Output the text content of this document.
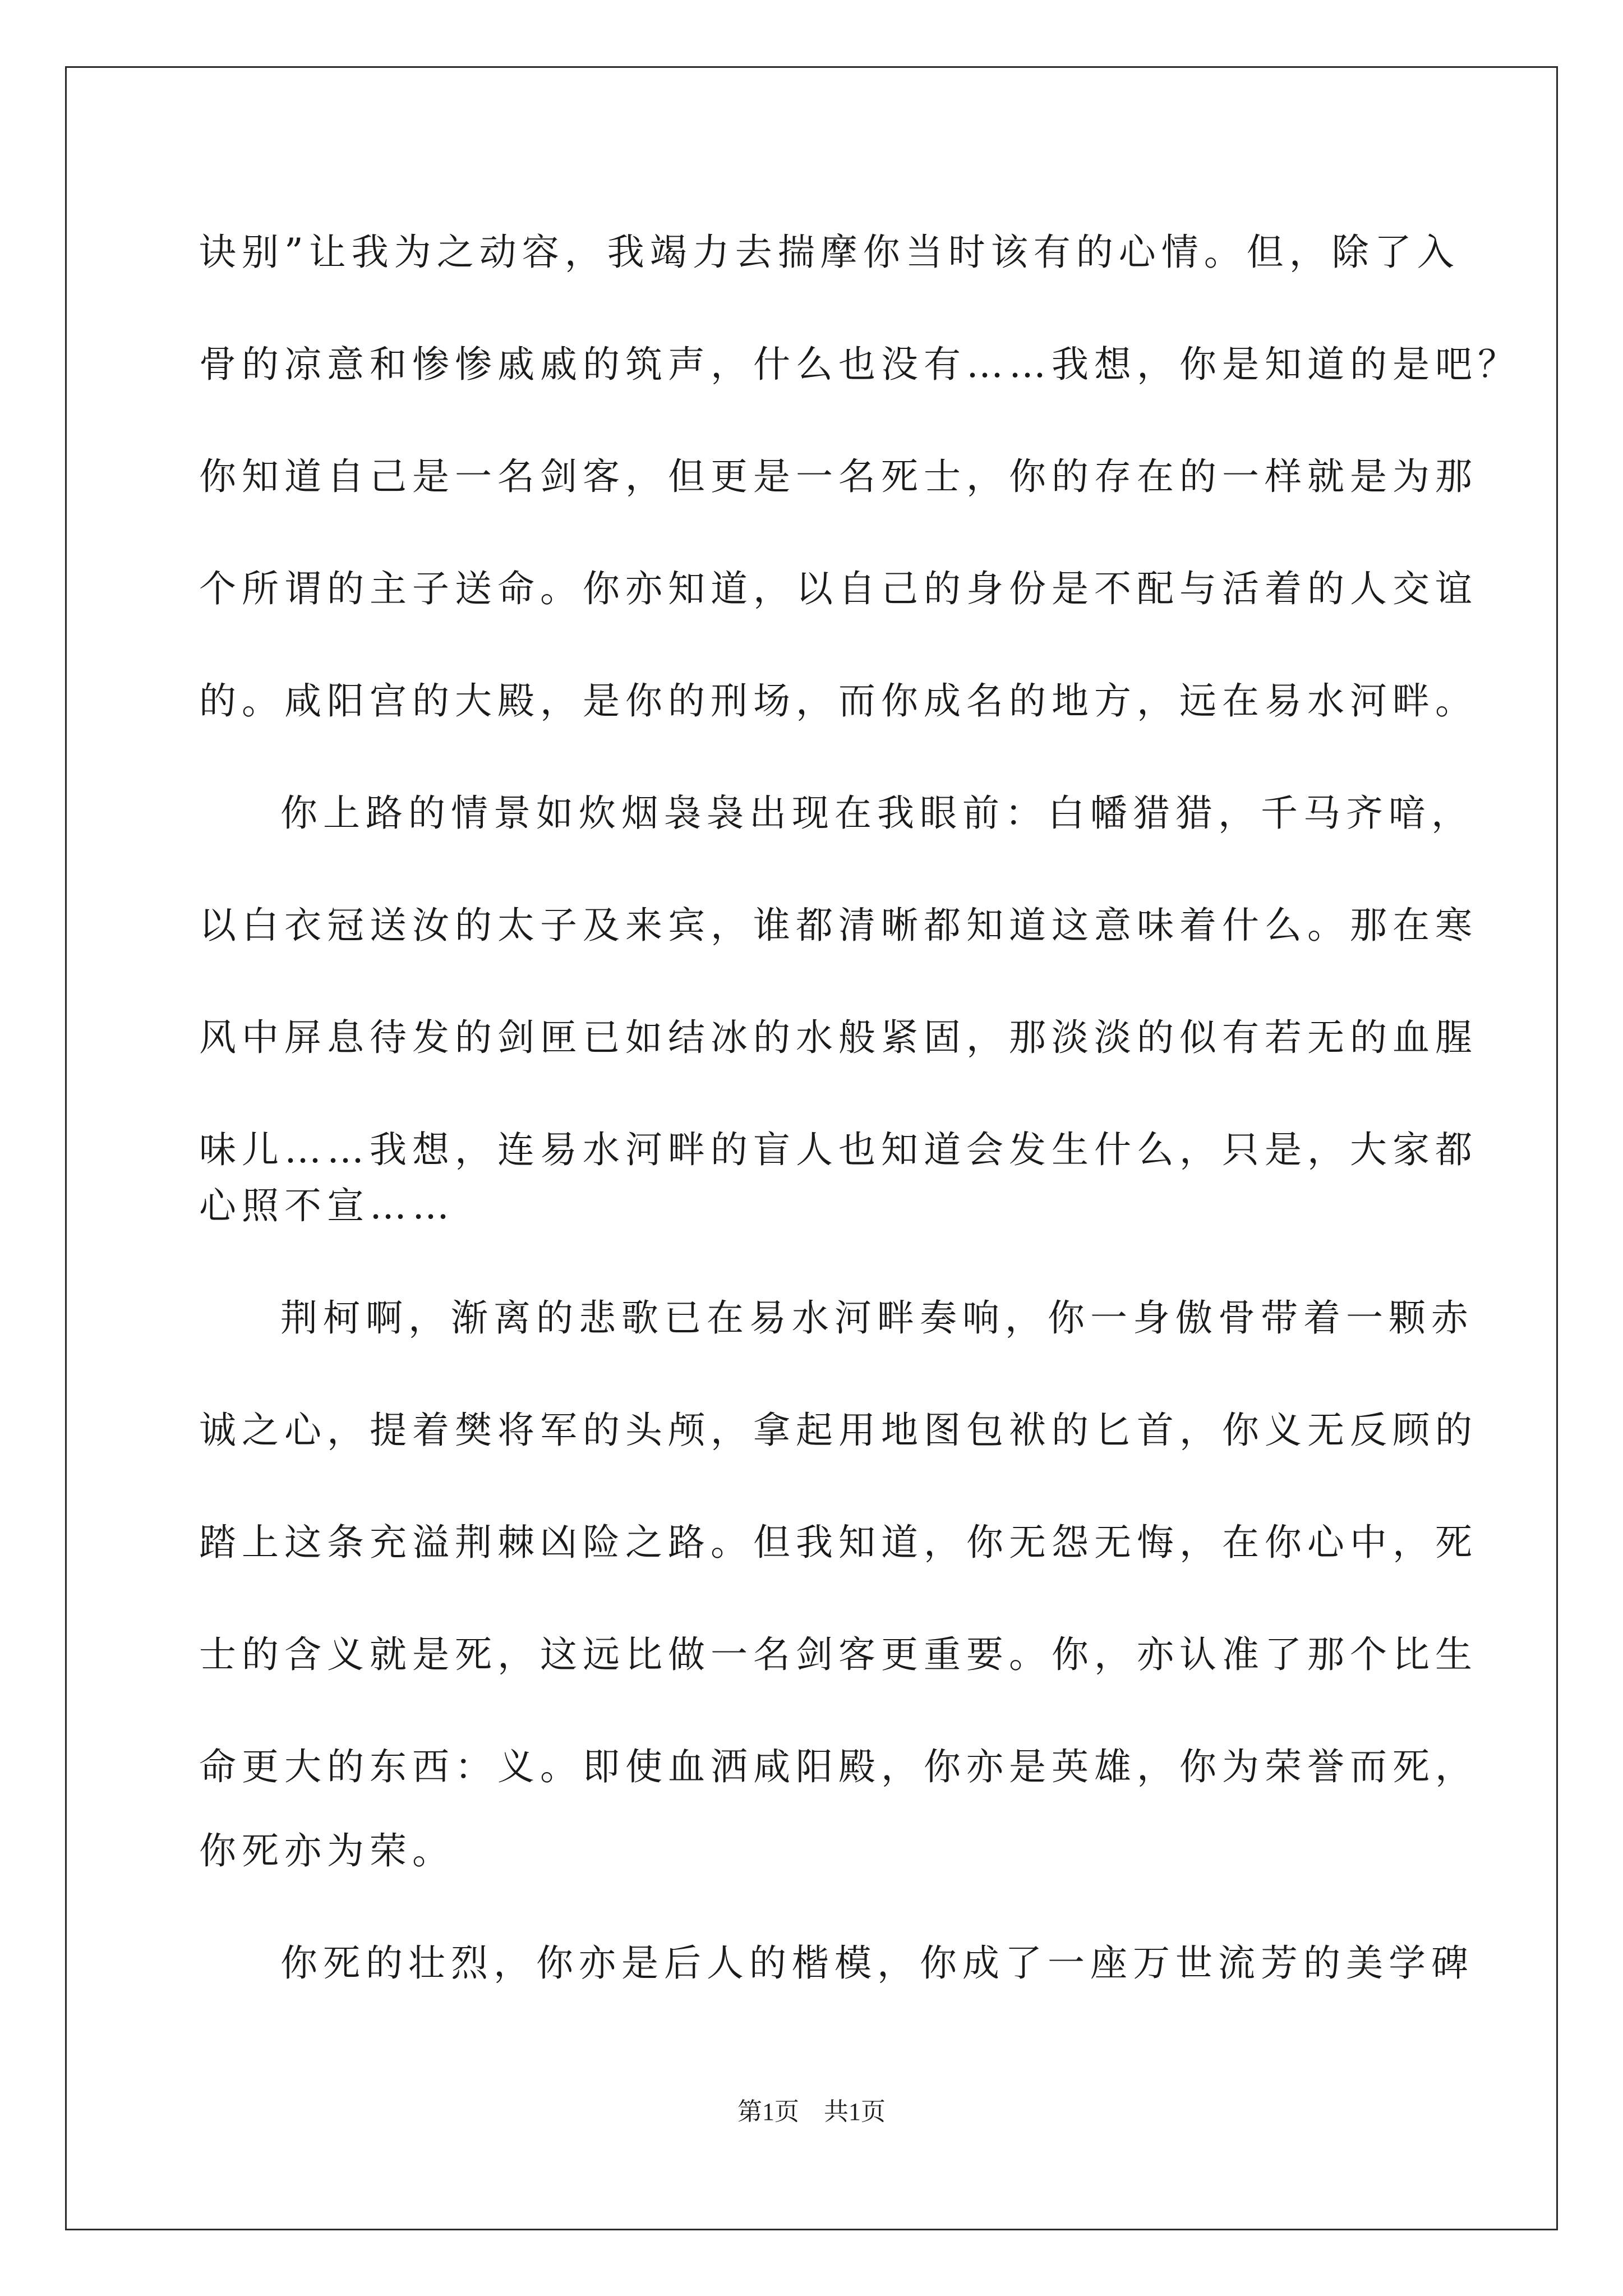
诀别”让我为之动容，我竭力去揣摩你当时该有的心情。但，除了入

骨的凉意和惨惨戚戚的筑声，什么也没有……我想，你是知道的是吧？

你知道自己是一名剑客，但更是一名死士，你的存在的一样就是为那

个所谓的主子送命。你亦知道，以自己的身份是不配与活着的人交谊

的。咸阳宫的大殿，是你的刑场，而你成名的地方，远在易水河畔。

你上路的情景如炊烟袅袅出现在我眼前：白幡猎猎，千马齐喑，

以白衣冠送汝的太子及来宾，谁都清晰都知道这意味着什么。那在寒

风中屏息待发的剑匣已如结冰的水般紧固，那淡淡的似有若无的血腥

味儿……我想，连易水河畔的盲人也知道会发生什么，只是，大家都

心照不宣……

荆柯啊，渐离的悲歌已在易水河畔奏响，你一身傲骨带着一颗赤

诚之心，提着樊将军的头颅，拿起用地图包袱的匕首，你义无反顾的

踏上这条充溢荆棘凶险之路。但我知道，你无怨无悔，在你心中，死

士的含义就是死，这远比做一名剑客更重要。你，亦认准了那个比生

命更大的东西：义。即使血洒咸阳殿，你亦是英雄，你为荣誉而死，

你死亦为荣。

你死的壮烈，你亦是后人的楷模，你成了一座万世流芳的美学碑

第1页 共1页
